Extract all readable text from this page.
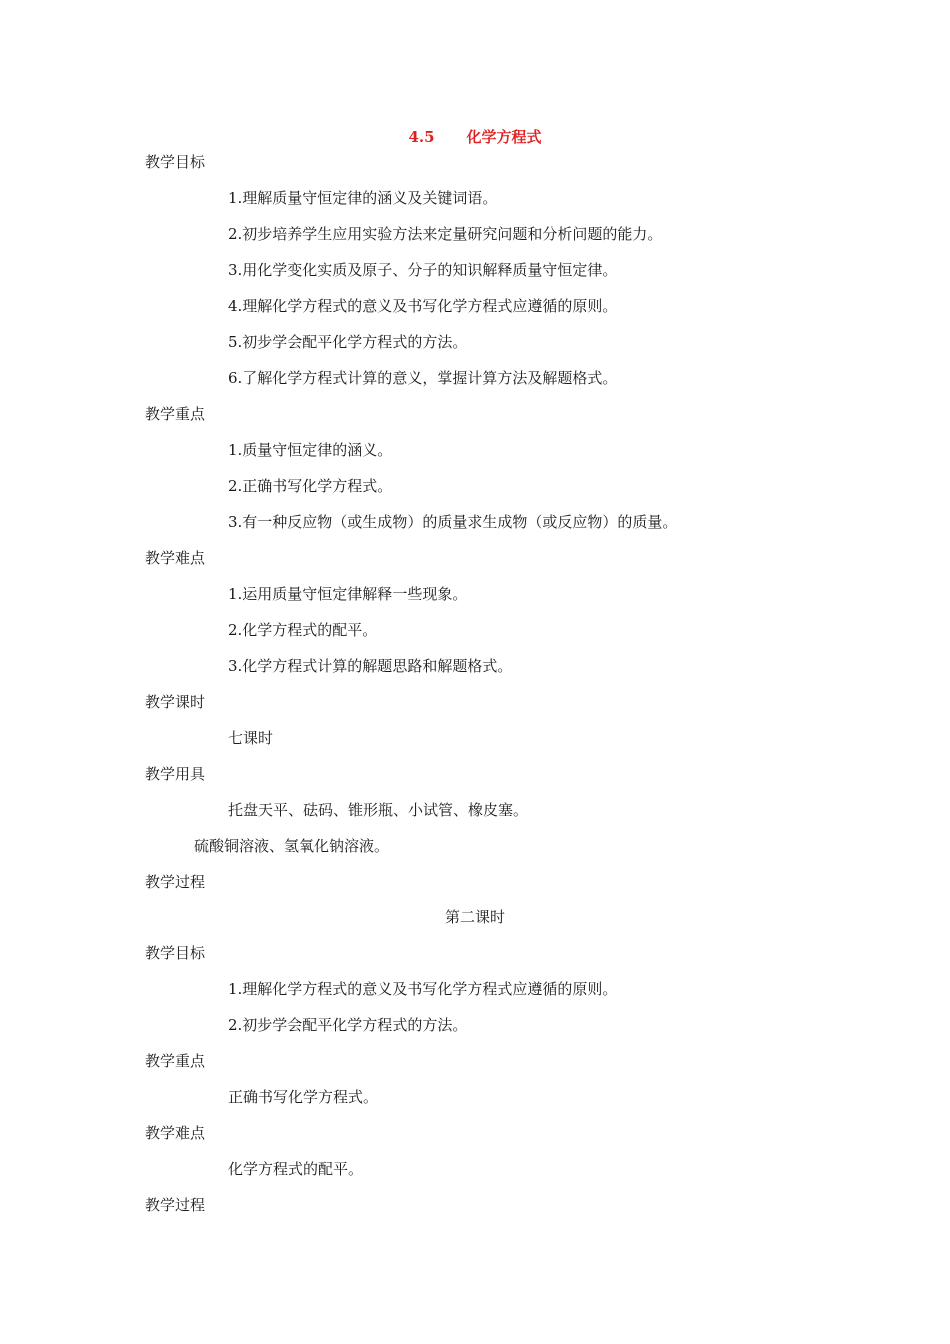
4.5 化学方程式
教学目标
1.理解质量守恒定律的涵义及关键词语。
2.初步培养学生应用实验方法来定量研究问题和分析问题的能力。
3.用化学变化实质及原子、分子的知识解释质量守恒定律。
4.理解化学方程式的意义及书写化学方程式应遵循的原则。
5.初步学会配平化学方程式的方法。
6.了解化学方程式计算的意义，掌握计算方法及解题格式。
教学重点
1.质量守恒定律的涵义。
2.正确书写化学方程式。
3.有一种反应物（或生成物）的质量求生成物（或反应物）的质量。
教学难点
1.运用质量守恒定律解释一些现象。
2.化学方程式的配平。
3.化学方程式计算的解题思路和解题格式。
教学课时
七课时
教学用具
托盘天平、砝码、锥形瓶、小试管、橡皮塞。
硫酸铜溶液、氢氧化钠溶液。
教学过程
第二课时
教学目标
1.理解化学方程式的意义及书写化学方程式应遵循的原则。
2.初步学会配平化学方程式的方法。
教学重点
正确书写化学方程式。
教学难点
化学方程式的配平。
教学过程
